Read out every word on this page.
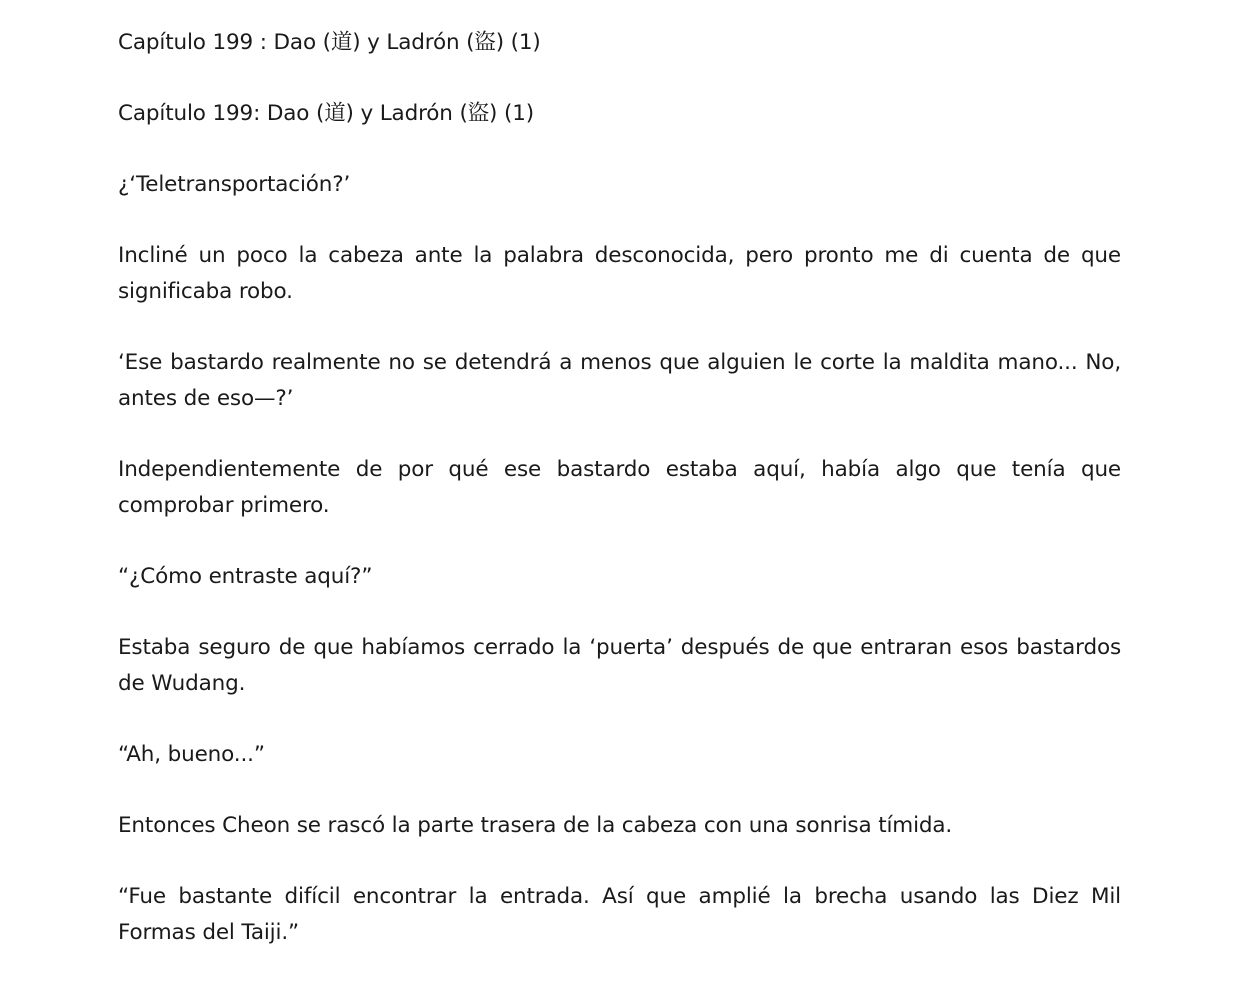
Capítulo 199 : Dao (道) y Ladrón (盜) (1)

Capítulo 199: Dao (道) y Ladrón (盜) (1)

¿‘Teletransportación?’

Incliné un poco la cabeza ante la palabra desconocida, pero pronto me di cuenta de que significaba robo.

‘Ese bastardo realmente no se detendrá a menos que alguien le corte la maldita mano... No, antes de eso—?’

Independientemente de por qué ese bastardo estaba aquí, había algo que tenía que comprobar primero.

“¿Cómo entraste aquí?”

Estaba seguro de que habíamos cerrado la ‘puerta’ después de que entraran esos bastardos de Wudang.

“Ah, bueno...”

Entonces Cheon se rascó la parte trasera de la cabeza con una sonrisa tímida.

“Fue bastante difícil encontrar la entrada. Así que amplié la brecha usando las Diez Mil Formas del Taiji.”
